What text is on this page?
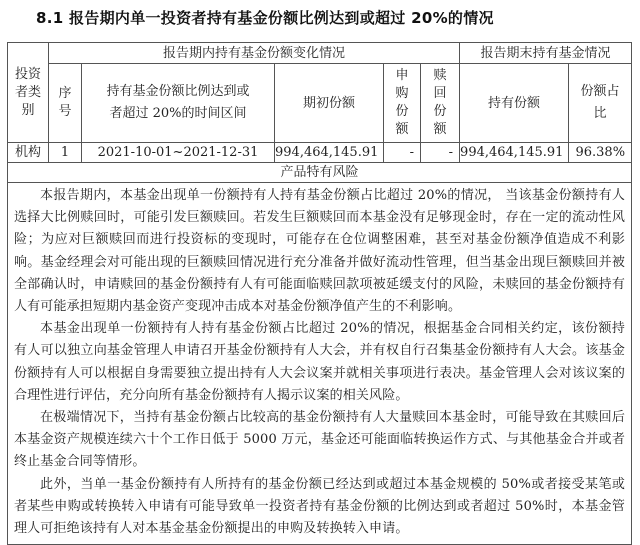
8.1 报告期内单一投资者持有基金份额比例达到或超过 20%的情况
投资者类别	报告期内持有基金份额变化情况					报告期末持有基金情况	

	序号	持有基金份额比例达到或者超过 20%的时间区间	期初份额	申购份额	赎回份额	持有份额	份额占比

机构	1	2021-10-01~2021-12-31	994,464,145.91	-	-	994,464,145.91	96.38%
产品特有风险							

本报告期内，本基金出现单一份额持有人持有基金份额占比超过 20%的情况， 当该基金份额持有人选择大比例赎回时，可能引发巨额赎回。若发生巨额赎回而本基金没有足够现金时，存在一定的流动性风险；为应对巨额赎回而进行投资标的变现时，可能存在仓位调整困难，甚至对基金份额净值造成不利影响。基金经理会对可能出现的巨额赎回情况进行充分准备并做好流动性管理，但当基金出现巨额赎回并被全部确认时，申请赎回的基金份额持有人有可能面临赎回款项被延缓支付的风险，未赎回的基金份额持有人有可能承担短期内基金资产变现冲击成本对基金份额净值产生的不利影响。

本基金出现单一份额持有人持有基金份额占比超过 20%的情况，根据基金合同相关约定，该份额持有人可以独立向基金管理人申请召开基金份额持有人大会，并有权自行召集基金份额持有人大会。该基金份额持有人可以根据自身需要独立提出持有人大会议案并就相关事项进行表决。基金管理人会对该议案的合理性进行评估，充分向所有基金份额持有人揭示议案的相关风险。

在极端情况下，当持有基金份额占比较高的基金份额持有人大量赎回本基金时，可能导致在其赎回后本基金资产规模连续六十个工作日低于 5000 万元，基金还可能面临转换运作方式、与其他基金合并或者终止基金合同等情形。

此外，当单一基金份额持有人所持有的基金份额已经达到或超过本基金规模的 50%或者接受某笔或者某些申购或转换转入申请有可能导致单一投资者持有基金份额的比例达到或者超过 50%时，本基金管理人可拒绝该持有人对本基金基金份额提出的申购及转换转入申请。							
